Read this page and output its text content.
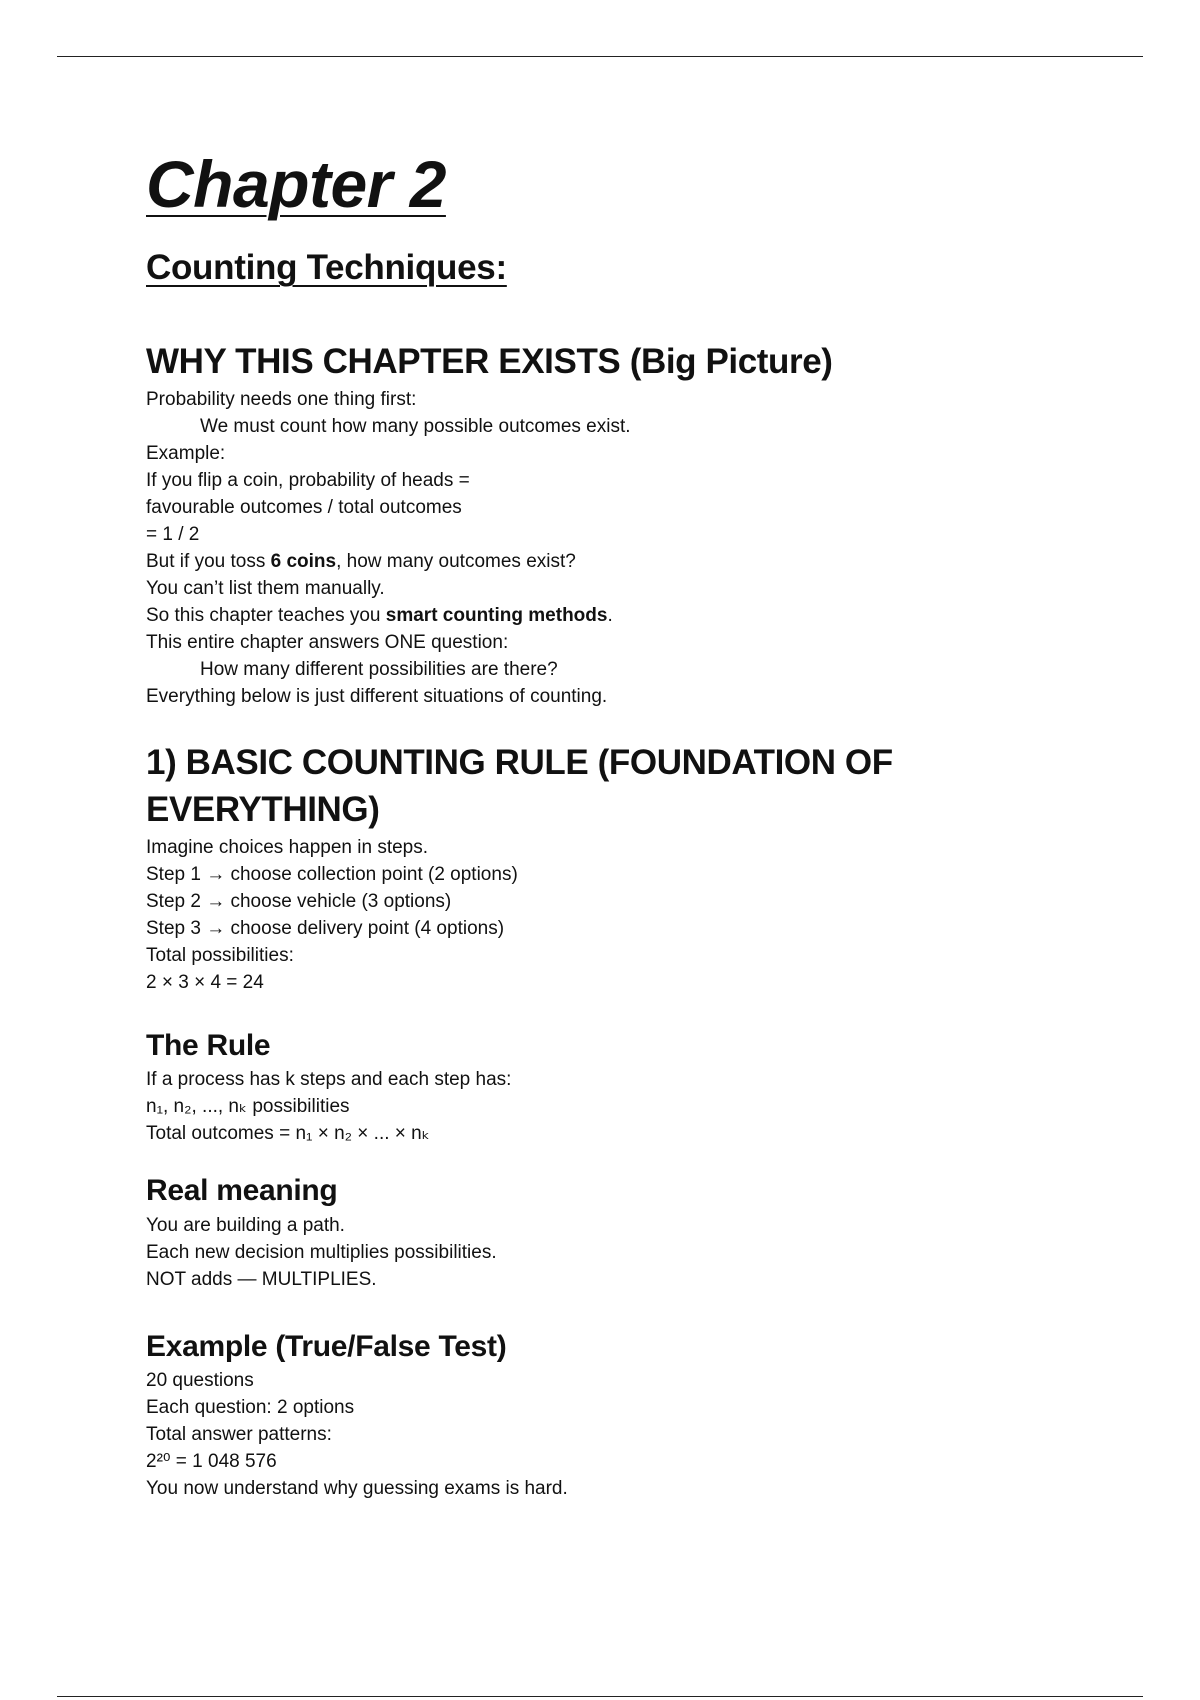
Chapter 2
Counting Techniques:
WHY THIS CHAPTER EXISTS (Big Picture)

Probability needs one thing first:

We must count how many possible outcomes exist.

Example:

If you flip a coin, probability of heads =

favourable outcomes / total outcomes

= 1 / 2

But if you toss 6 coins, how many outcomes exist?

You can’t list them manually.

So this chapter teaches you smart counting methods.

This entire chapter answers ONE question:

How many different possibilities are there?

Everything below is just different situations of counting.

1) BASIC COUNTING RULE (FOUNDATION OF
EVERYTHING)

Imagine choices happen in steps.

Step 1 → choose collection point (2 options)

Step 2 → choose vehicle (3 options)

Step 3 → choose delivery point (4 options)

Total possibilities:

2 × 3 × 4 = 24

The Rule

If a process has k steps and each step has:

n₁, n₂, ..., nₖ possibilities

Total outcomes = n₁ × n₂ × ... × nₖ

Real meaning

You are building a path.

Each new decision multiplies possibilities.

NOT adds — MULTIPLIES.

Example (True/False Test)

20 questions

Each question: 2 options

Total answer patterns:

2²⁰ = 1 048 576

You now understand why guessing exams is hard.
